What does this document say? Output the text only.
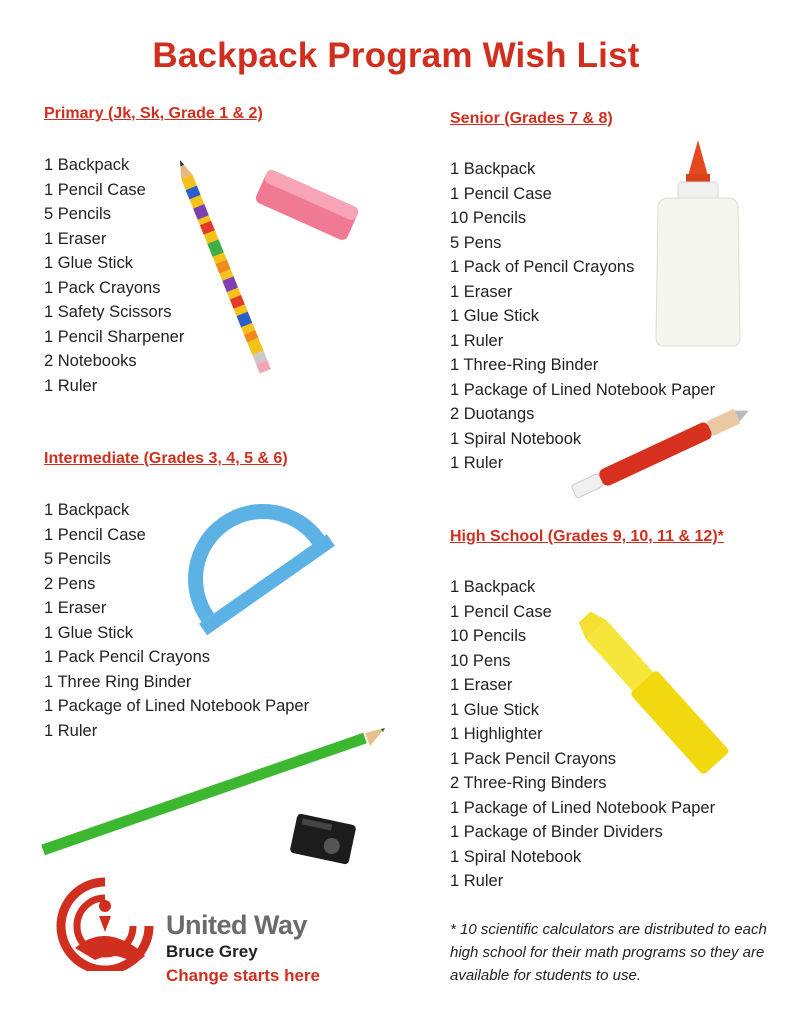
Backpack Program Wish List
Primary (Jk, Sk, Grade 1 & 2)
1 Backpack
1 Pencil Case
5 Pencils
1 Eraser
1 Glue Stick
1 Pack Crayons
1 Safety Scissors
1 Pencil Sharpener
2 Notebooks
1 Ruler
Intermediate (Grades 3, 4, 5 & 6)
1 Backpack
1 Pencil Case
5 Pencils
2 Pens
1 Eraser
1 Glue Stick
1 Pack Pencil Crayons
1 Three Ring Binder
1 Package of Lined Notebook Paper
1 Ruler
Senior (Grades 7 & 8)
1 Backpack
1 Pencil Case
10 Pencils
5 Pens
1 Pack of Pencil Crayons
1 Eraser
1 Glue Stick
1 Ruler
1 Three-Ring Binder
1 Package of Lined Notebook Paper
2 Duotangs
1 Spiral Notebook
1 Ruler
High School (Grades 9, 10, 11 & 12)*
1 Backpack
1 Pencil Case
10 Pencils
10 Pens
1 Eraser
1 Glue Stick
1 Highlighter
1 Pack Pencil Crayons
2 Three-Ring Binders
1 Package of Lined Notebook Paper
1 Package of Binder Dividers
1 Spiral Notebook
1 Ruler
* 10 scientific calculators are distributed to each high school for their math programs so they are available for students to use.
United Way
Bruce Grey
Change starts here
